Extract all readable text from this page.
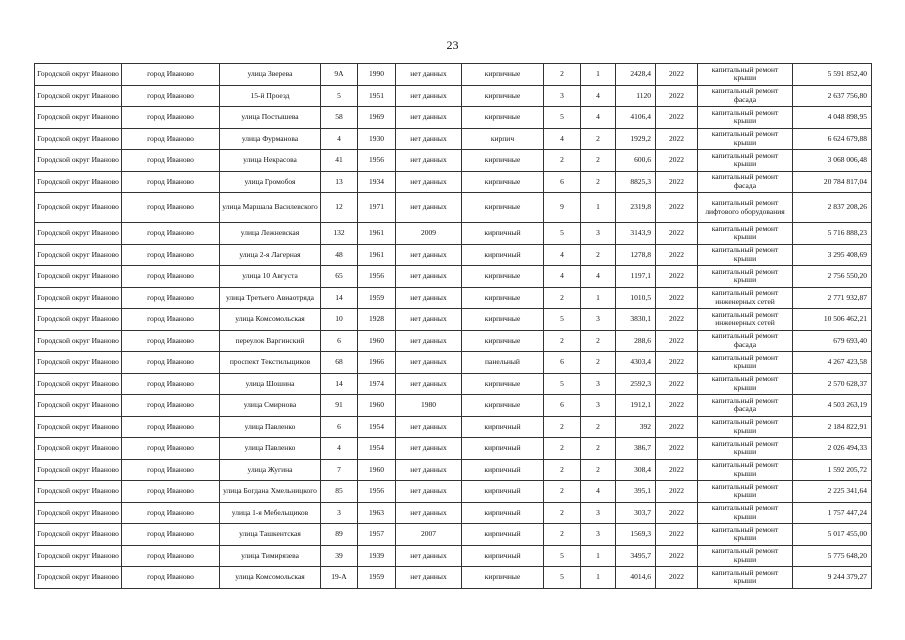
23
Городской округ Иваново	город Иваново	улица Зверева	9А	1990	нет данных	кирпичные	2	1	2428,4	2022	капитальный ремонт крыши	5 591 852,40
Городской округ Иваново	город Иваново	15-й Проезд	5	1951	нет данных	кирпичные	3	4	1120	2022	капитальный ремонт фасада	2 637 756,80
Городской округ Иваново	город Иваново	улица Постышева	58	1969	нет данных	кирпичные	5	4	4106,4	2022	капитальный ремонт крыши	4 048 898,95
Городской округ Иваново	город Иваново	улица Фурманова	4	1930	нет данных	кирпич	4	2	1929,2	2022	капитальный ремонт крыши	6 624 679,88
Городской округ Иваново	город Иваново	улица Некрасова	41	1956	нет данных	кирпичные	2	2	600,6	2022	капитальный ремонт крыши	3 068 006,48
Городской округ Иваново	город Иваново	улица Громобоя	13	1934	нет данных	кирпичные	6	2	8825,3	2022	капитальный ремонт фасада	20 784 817,04
Городской округ Иваново	город Иваново	улица Маршала Василевского	12	1971	нет данных	кирпичные	9	1	2319,8	2022	капитальный ремонт лифтового оборудования	2 837 208,26
Городской округ Иваново	город Иваново	улица Лежневская	132	1961	2009	кирпичный	5	3	3143,9	2022	капитальный ремонт крыши	5 716 888,23
Городской округ Иваново	город Иваново	улица 2-я Лагерная	48	1961	нет данных	кирпичный	4	2	1278,8	2022	капитальный ремонт крыши	3 295 408,69
Городской округ Иваново	город Иваново	улица 10 Августа	65	1956	нет данных	кирпичные	4	4	1197,1	2022	капитальный ремонт крыши	2 756 550,20
Городской округ Иваново	город Иваново	улица Третьего Авиаотряда	14	1959	нет данных	кирпичные	2	1	1010,5	2022	капитальный ремонт инженерных сетей	2 771 932,87
Городской округ Иваново	город Иваново	улица Комсомольская	10	1928	нет данных	кирпичные	5	3	3830,1	2022	капитальный ремонт инженерных сетей	10 506 462,21
Городской округ Иваново	город Иваново	переулок Варгинский	6	1960	нет данных	кирпичные	2	2	288,6	2022	капитальный ремонт фасада	679 693,40
Городской округ Иваново	город Иваново	проспект Текстильщиков	68	1966	нет данных	панельный	6	2	4303,4	2022	капитальный ремонт крыши	4 267 423,58
Городской округ Иваново	город Иваново	улица Шошина	14	1974	нет данных	кирпичные	5	3	2592,3	2022	капитальный ремонт крыши	2 570 628,37
Городской округ Иваново	город Иваново	улица Смирнова	91	1960	1980	кирпичные	6	3	1912,1	2022	капитальный ремонт фасада	4 503 263,19
Городской округ Иваново	город Иваново	улица Павленко	6	1954	нет данных	кирпичный	2	2	392	2022	капитальный ремонт крыши	2 184 822,91
Городской округ Иваново	город Иваново	улица Павленко	4	1954	нет данных	кирпичный	2	2	386,7	2022	капитальный ремонт крыши	2 026 494,33
Городской округ Иваново	город Иваново	улица Жугина	7	1960	нет данных	кирпичный	2	2	308,4	2022	капитальный ремонт крыши	1 592 205,72
Городской округ Иваново	город Иваново	улица Богдана Хмельницкого	85	1956	нет данных	кирпичный	2	4	395,1	2022	капитальный ремонт крыши	2 225 341,64
Городской округ Иваново	город Иваново	улица 1-я Мебельщиков	3	1963	нет данных	кирпичный	2	3	303,7	2022	капитальный ремонт крыши	1 757 447,24
Городской округ Иваново	город Иваново	улица Ташкентская	89	1957	2007	кирпичный	2	3	1569,3	2022	капитальный ремонт крыши	5 017 455,00
Городской округ Иваново	город Иваново	улица Тимирязева	39	1939	нет данных	кирпичный	5	1	3495,7	2022	капитальный ремонт крыши	5 775 648,20
Городской округ Иваново	город Иваново	улица Комсомольская	19-А	1959	нет данных	кирпичные	5	1	4014,6	2022	капитальный ремонт крыши	9 244 379,27
